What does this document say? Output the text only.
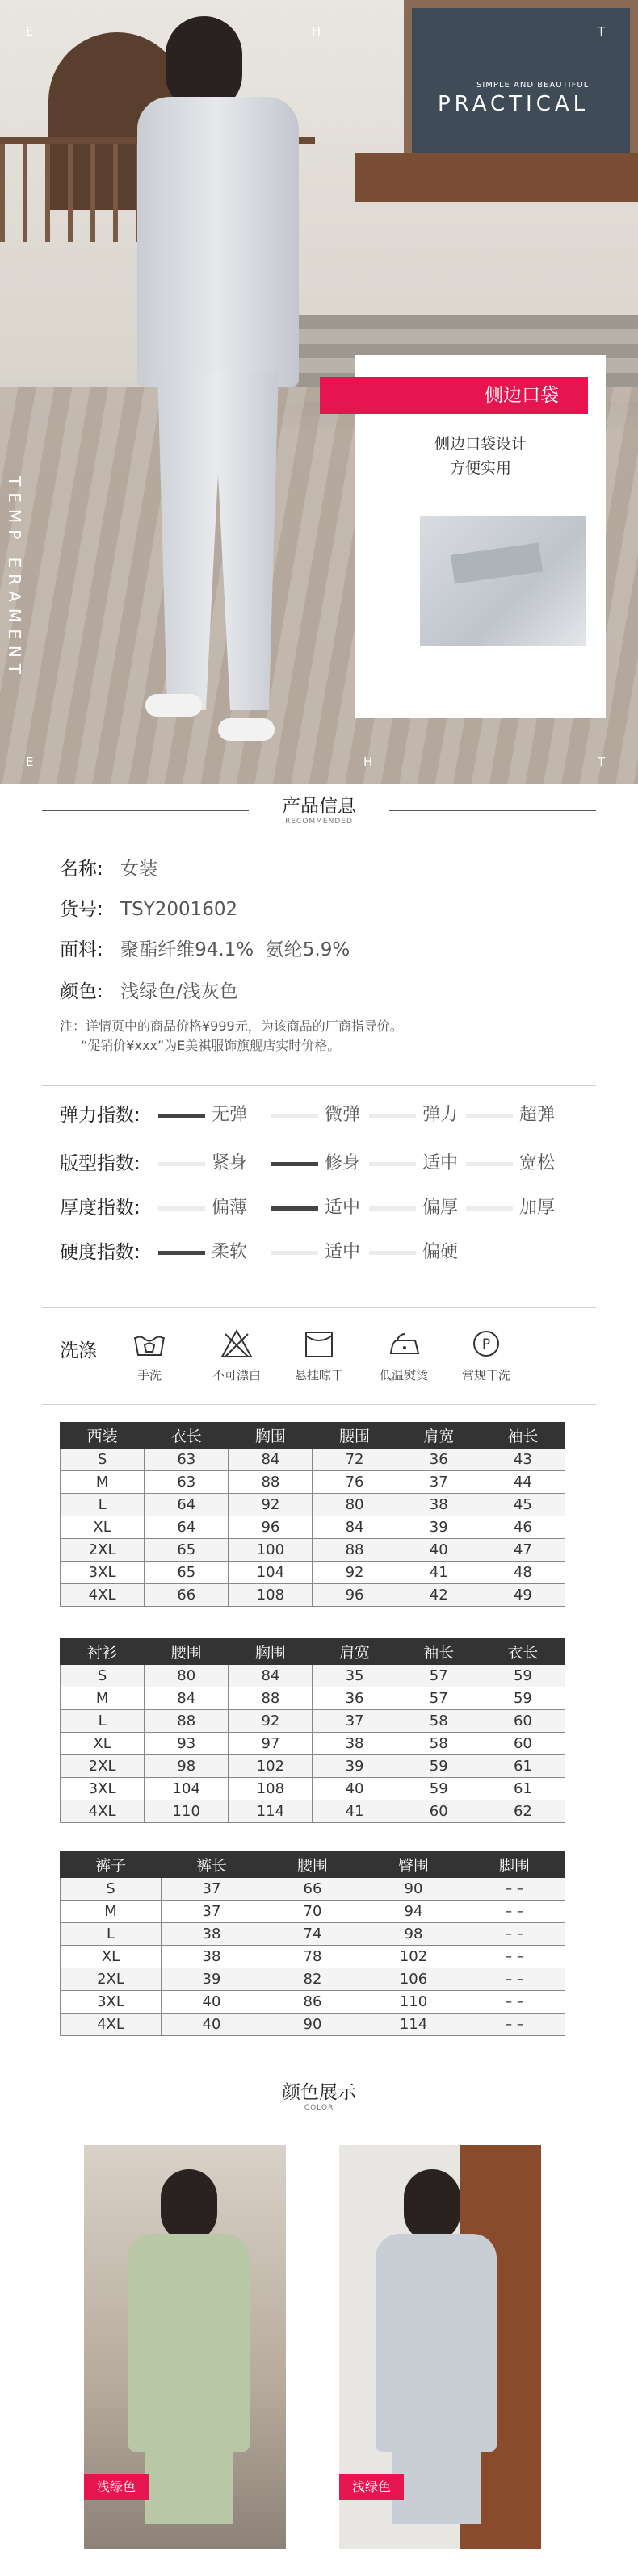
E	H	T
E	H	T
SIMPLE AND BEAUTIFUL
PRACTICAL
TEMP ERAMENT
侧边口袋
侧边口袋设计
方便实用
产品信息
RECOMMENDED
名称: 女装
货号: TSY2001602
面料: 聚酯纤维94.1%  氨纶5.9%
颜色: 浅绿色/浅灰色
注：详情页中的商品价格¥999元，为该商品的厂商指导价。
“促销价¥xxx”为E美祺服饰旗舰店实时价格。
弹力指数:	无弹	微弹	弹力	超弹
版型指数:	紧身	修身	适中	宽松
厚度指数:	偏薄	适中	偏厚	加厚
硬度指数:	柔软	适中	偏硬
洗涤
手洗	不可漂白	悬挂晾干	低温熨烫
P
常规干洗
西装	衣长	胸围	腰围	肩宽	袖长
S	63	84	72	36	43
M	63	88	76	37	44
L	64	92	80	38	45
XL	64	96	84	39	46
2XL	65	100	88	40	47
3XL	65	104	92	41	48
4XL	66	108	96	42	49
衬衫	腰围	胸围	肩宽	袖长	衣长
S	80	84	35	57	59
M	84	88	36	57	59
L	88	92	37	58	60
XL	93	97	38	58	60
2XL	98	102	39	59	61
3XL	104	108	40	59	61
4XL	110	114	41	60	62
裤子	裤长	腰围	臀围	脚围
S	37	66	90	– –
M	37	70	94	– –
L	38	74	98	– –
XL	38	78	102	– –
2XL	39	82	106	– –
3XL	40	86	110	– –
4XL	40	90	114	– –
颜色展示
COLOR
浅绿色	浅绿色
